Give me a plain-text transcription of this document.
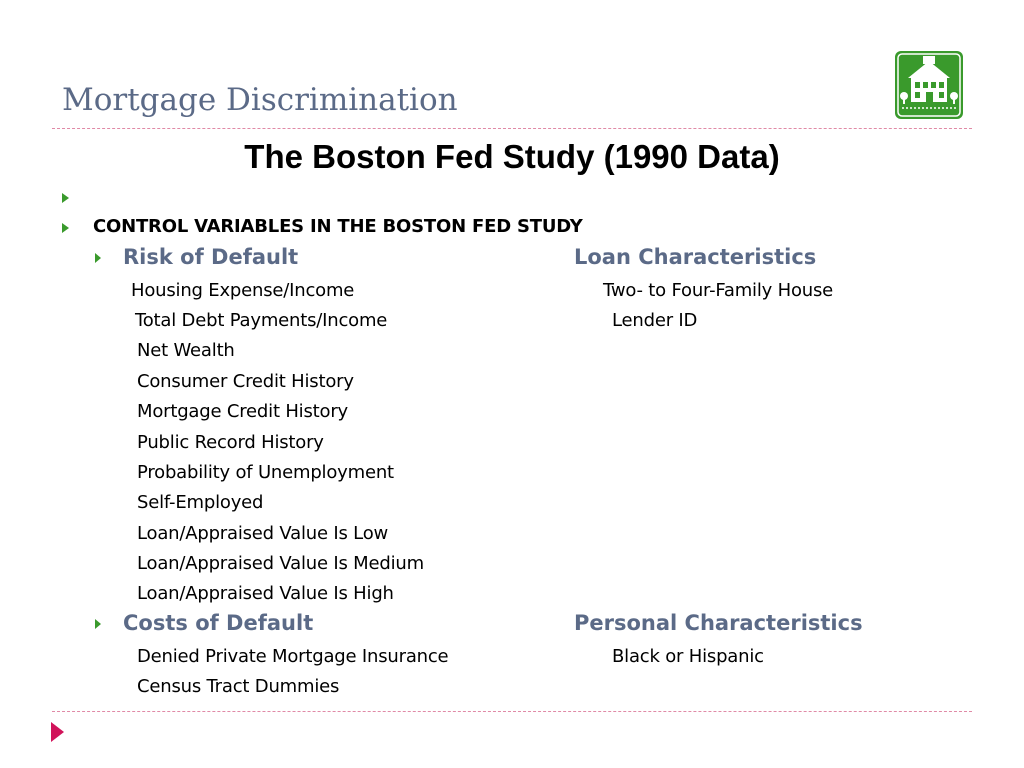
Mortgage Discrimination
The Boston Fed Study (1990 Data)
CONTROL VARIABLES IN THE BOSTON FED STUDY
Risk of Default	Loan Characteristics
Housing Expense/Income
Total Debt Payments/Income
Net Wealth
Consumer Credit History
Mortgage Credit History
Public Record History
Probability of Unemployment
Self-Employed
Loan/Appraised Value Is Low
Loan/Appraised Value Is Medium
Loan/Appraised Value Is High
Two- to Four-Family House
Lender ID
Costs of Default	Personal Characteristics
Denied Private Mortgage Insurance
Census Tract Dummies
Black or Hispanic
